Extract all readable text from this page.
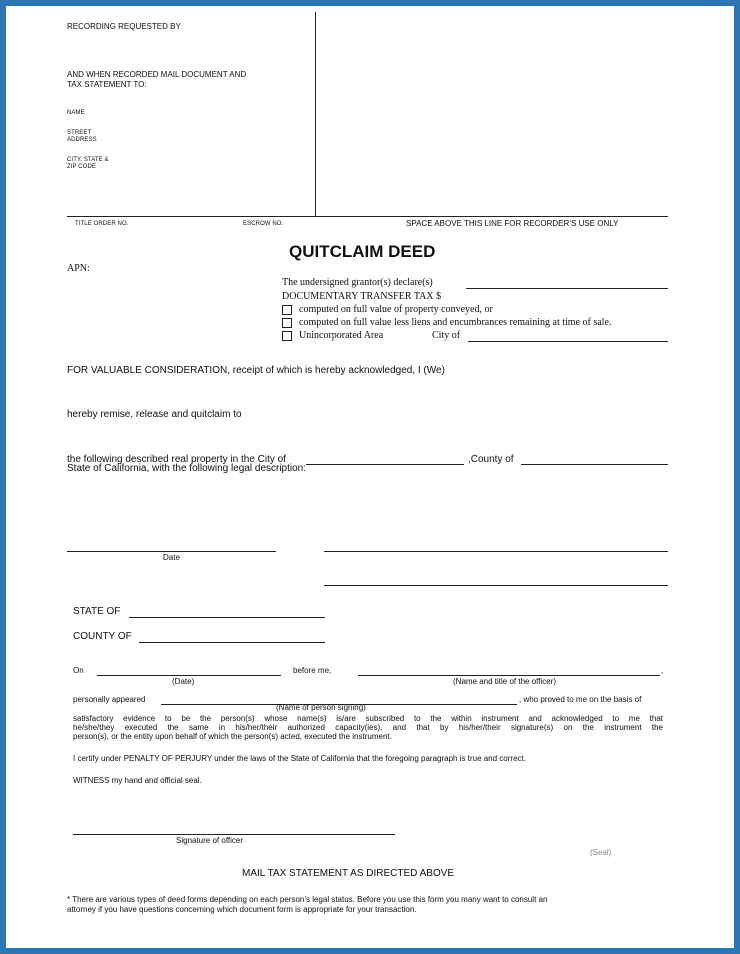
RECORDING REQUESTED BY
AND WHEN RECORDED MAIL DOCUMENT AND
TAX STATEMENT TO:
NAME
STREET
ADDRESS
CITY, STATE &
ZIP CODE
TITLE ORDER NO.	ESCROW NO.	SPACE ABOVE THIS LINE FOR RECORDER’S USE ONLY
QUITCLAIM DEED
APN:
The undersigned grantor(s) declare(s)
DOCUMENTARY TRANSFER TAX $
computed on full value of property conveyed, or
computed on full value less liens and encumbrances remaining at time of sale.
Unincorporated Area	City of
FOR VALUABLE CONSIDERATION, receipt of which is hereby acknowledged, I (We)
hereby remise, release and quitclaim to
the following described real property in the City of	,County of
State of California, with the following legal description:
Date
STATE OF
COUNTY OF
On	before me,	,
(Date)	(Name and title of the officer)
personally appeared	, who proved to me on the basis of
(Name of person signing)
satisfactory evidence to be the person(s) whose name(s) is/are subscribed to the within instrument and acknowledged to me that
he/she/they executed the same in his/her/their authorized capacity(ies), and that by his/her/their signature(s) on the instrument the
person(s), or the entity upon behalf of which the person(s) acted, executed the instrument.
I certify under PENALTY OF PERJURY under the laws of the State of California that the foregoing paragraph is true and correct.
WITNESS my hand and official seal.
Signature of officer
(Seal)
MAIL TAX STATEMENT AS DIRECTED ABOVE
* There are various types of deed forms depending on each person’s legal status. Before you use this form you many want to consult an
attorney if you have questions concerning which document form is appropriate for your transaction.
